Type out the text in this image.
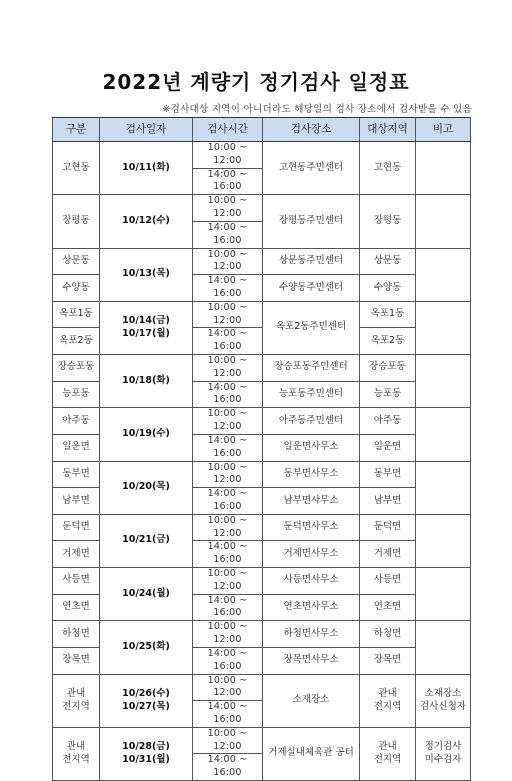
2022년 계량기 정기검사 일정표
※검사대상 지역이 아니더라도 해당일의 검사 장소에서 검사받을 수 있음
구분	검사일자	검사시간	검사장소	대상지역	비고

고현동	10/11(화)	10:00 ~ 12:00	고현동주민센터	고현동	

		14:00 ~ 16:00			

장평동	10/12(수)	10:00 ~ 12:00	장평동주민센터	장평동	

		14:00 ~ 16:00			

상문동	10/13(목)	10:00 ~ 12:00	상문동주민센터	상문동	

수양동		14:00 ~ 16:00	수양동주민센터	수양동	

옥포1동	10/14(금)
10/17(월)	10:00 ~ 12:00	옥포2동주민센터	옥포1동	

옥포2동		14:00 ~ 16:00		옥포2동	

장승포동	10/18(화)	10:00 ~ 12:00	장승포동주민센터	장승포동	

능포동		14:00 ~ 16:00	능포동주민센터	능포동	

아주동	10/19(수)	10:00 ~ 12:00	아주동주민센터	아주동	

일운면		14:00 ~ 16:00	일운면사무소	일운면	

동부면	10/20(목)	10:00 ~ 12:00	동부면사무소	동부면	

남부면		14:00 ~ 16:00	남부면사무소	남부면	

둔덕면	10/21(금)	10:00 ~ 12:00	둔덕면사무소	둔덕면	

거제면		14:00 ~ 16:00	거제면사무소	거제면	

사등면	10/24(월)	10:00 ~ 12:00	사등면사무소	사등면	

연초면		14:00 ~ 16:00	연초면사무소	연초면	

하청면	10/25(화)	10:00 ~ 12:00	하청면사무소	하청면	

장목면		14:00 ~ 16:00	장목면사무소	장목면	

관내
전지역	10/26(수)
10/27(목)	10:00 ~ 12:00	소재장소	관내
전지역	소재장소
검사신청자

		14:00 ~ 16:00			

관내
전지역	10/28(금)
10/31(월)	10:00 ~ 12:00	거제실내체육관 공터	관내
전지역	정기검사
미수검자

		14:00 ~ 16:00			
